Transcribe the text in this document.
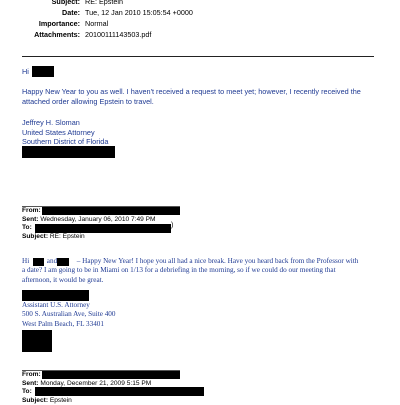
Subject: RE: Epstein
Date: Tue, 12 Jan 2010 15:05:54 +0000
Importance: Normal
Attachments: 20100111143503.pdf
Hi
Happy New Year to you as well. I haven't received a request to meet yet; however, I recently received the attached order allowing Epstein to travel.
Jeffrey H. Sloman
United States Attorney
Southern District of Florida
From:
Sent: Wednesday, January 06, 2010 7:49 PM
To:
Subject: RE: Epstein
)
Hi and	– Happy New Year! I hope you all had a nice break. Have you heard back from the Professor with a date? I am going to be in Miami on 1/13 for a debriefing in the morning, so if we could do our meeting that afternoon, it would be great.
Assistant U.S. Attorney
500 S. Australian Ave, Suite 400
West Palm Beach, FL 33401
From:
Sent: Monday, December 21, 2009 5:15 PM
To:
Subject: Epstein
